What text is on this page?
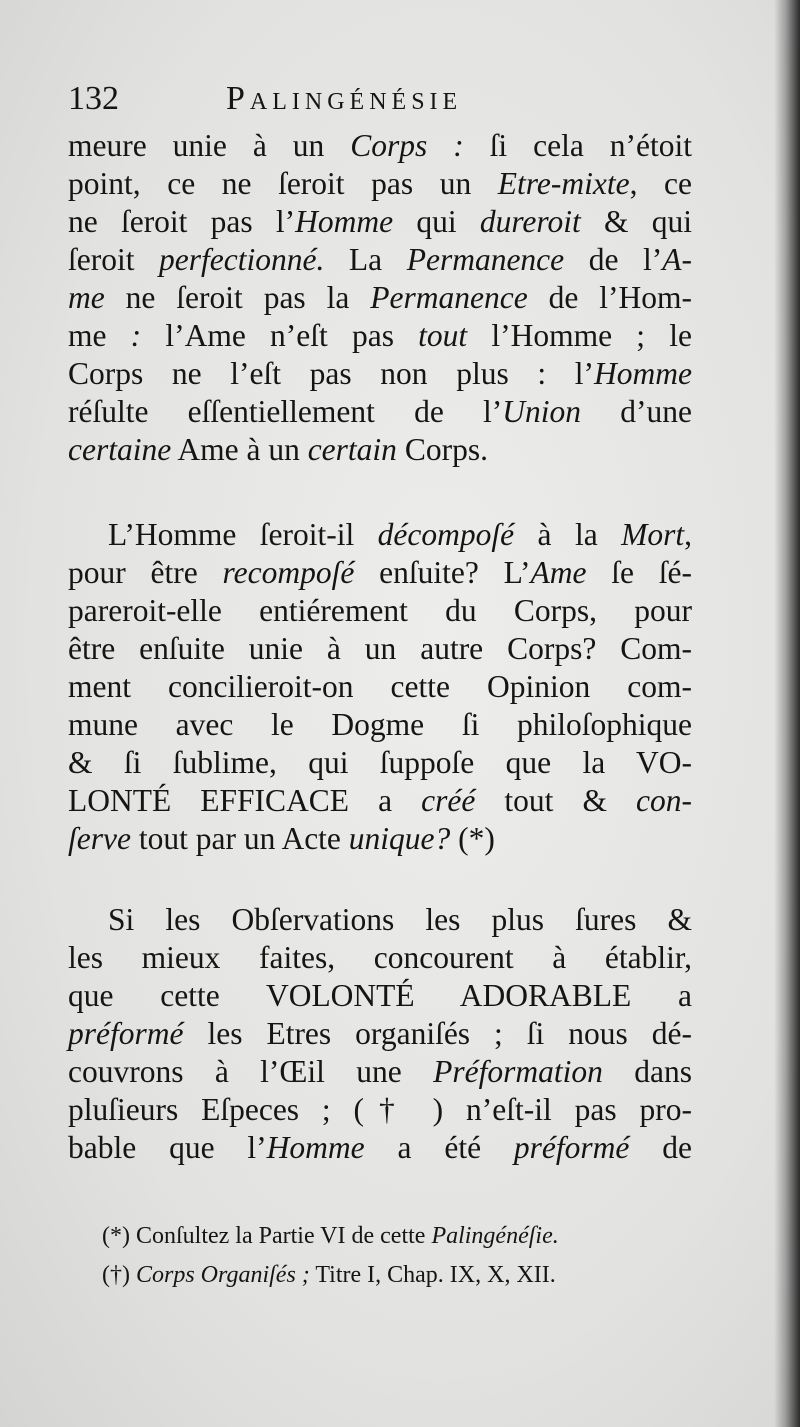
132	Palingénésie
meure unie à un Corps : ſi cela n’étoit
point, ce ne ſeroit pas un Etre-mixte, ce
ne ſeroit pas l’Homme qui dureroit & qui
ſeroit perfectionné. La Permanence de l’A-
me ne ſeroit pas la Permanence de l’Hom-
me : l’Ame n’eſt pas tout l’Homme ; le
Corps ne l’eſt pas non plus : l’Homme
réſulte eſſentiellement de l’Union d’une
certaine Ame à un certain Corps.
L’Homme ſeroit-il décompoſé à la Mort,
pour être recompoſé enſuite? L’Ame ſe ſé-
pareroit-elle entiérement du Corps, pour
être enſuite unie à un autre Corps? Com-
ment concilieroit-on cette Opinion com-
mune avec le Dogme ſi philoſophique
& ſi ſublime, qui ſuppoſe que la VO-
LONTÉ EFFICACE a créé tout & con-
ſerve tout par un Acte unique? (*)
Si les Obſervations les plus ſures &
les mieux faites, concourent à établir,
que cette VOLONTÉ ADORABLE a
préformé les Etres organiſés ; ſi nous dé-
couvrons à l’Œil une Préformation dans
pluſieurs Eſpeces ; († ) n’eſt-il pas pro-
bable que l’Homme a été préformé de
(*) Conſultez la Partie VI de cette Palingénéſie.
(†) Corps Organiſés ; Titre I, Chap. IX, X, XII.
